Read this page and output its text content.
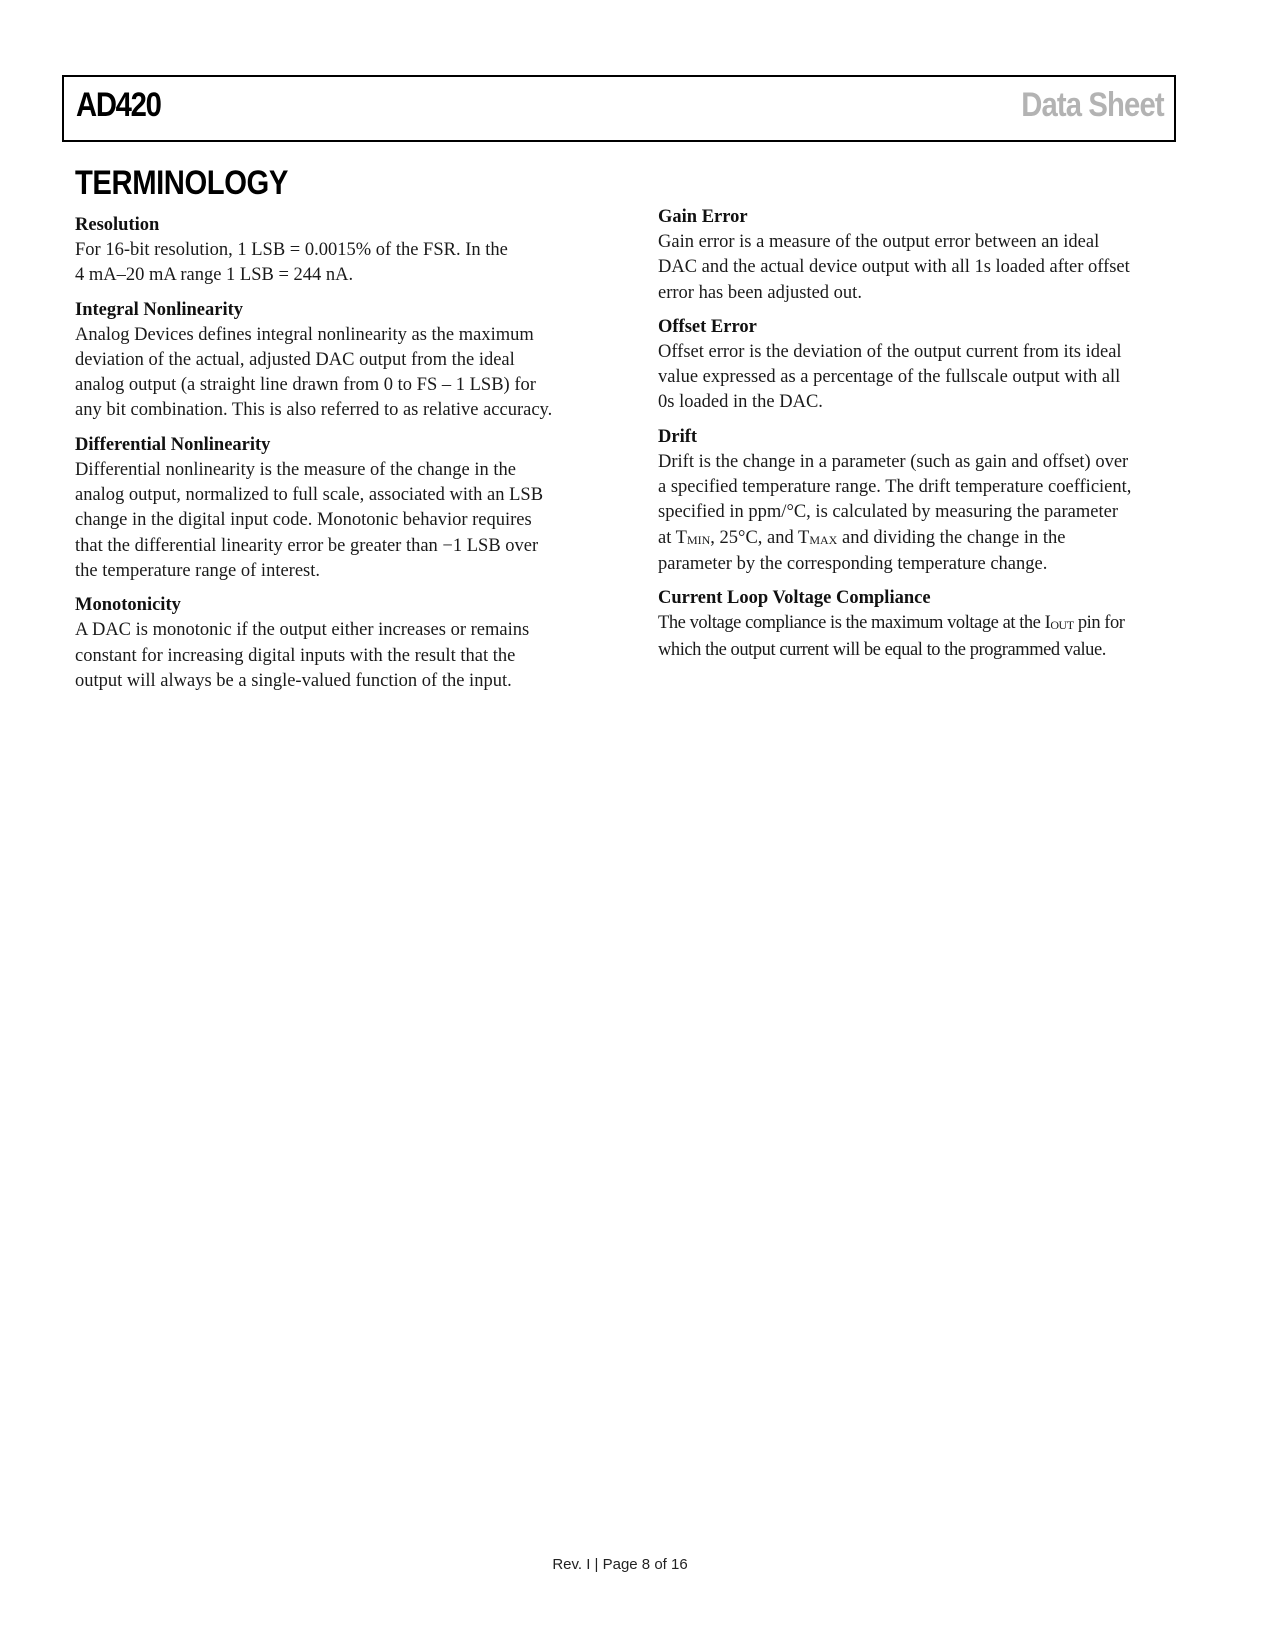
AD420	Data Sheet
TERMINOLOGY

Resolution

For 16-bit resolution, 1 LSB = 0.0015% of the FSR. In the
4 mA–20 mA range 1 LSB = 244 nA.

Integral Nonlinearity

Analog Devices defines integral nonlinearity as the maximum
deviation of the actual, adjusted DAC output from the ideal
analog output (a straight line drawn from 0 to FS – 1 LSB) for
any bit combination. This is also referred to as relative accuracy.

Differential Nonlinearity

Differential nonlinearity is the measure of the change in the
analog output, normalized to full scale, associated with an LSB
change in the digital input code. Monotonic behavior requires
that the differential linearity error be greater than −1 LSB over
the temperature range of interest.

Monotonicity

A DAC is monotonic if the output either increases or remains
constant for increasing digital inputs with the result that the
output will always be a single-valued function of the input.

Gain Error

Gain error is a measure of the output error between an ideal
DAC and the actual device output with all 1s loaded after offset
error has been adjusted out.

Offset Error

Offset error is the deviation of the output current from its ideal
value expressed as a percentage of the fullscale output with all
0s loaded in the DAC.

Drift

Drift is the change in a parameter (such as gain and offset) over
a specified temperature range. The drift temperature coefficient,
specified in ppm/°C, is calculated by measuring the parameter
at TMIN, 25°C, and TMAX and dividing the change in the
parameter by the corresponding temperature change.

Current Loop Voltage Compliance

The voltage compliance is the maximum voltage at the IOUT pin for
which the output current will be equal to the programmed value.

Rev. I | Page 8 of 16
